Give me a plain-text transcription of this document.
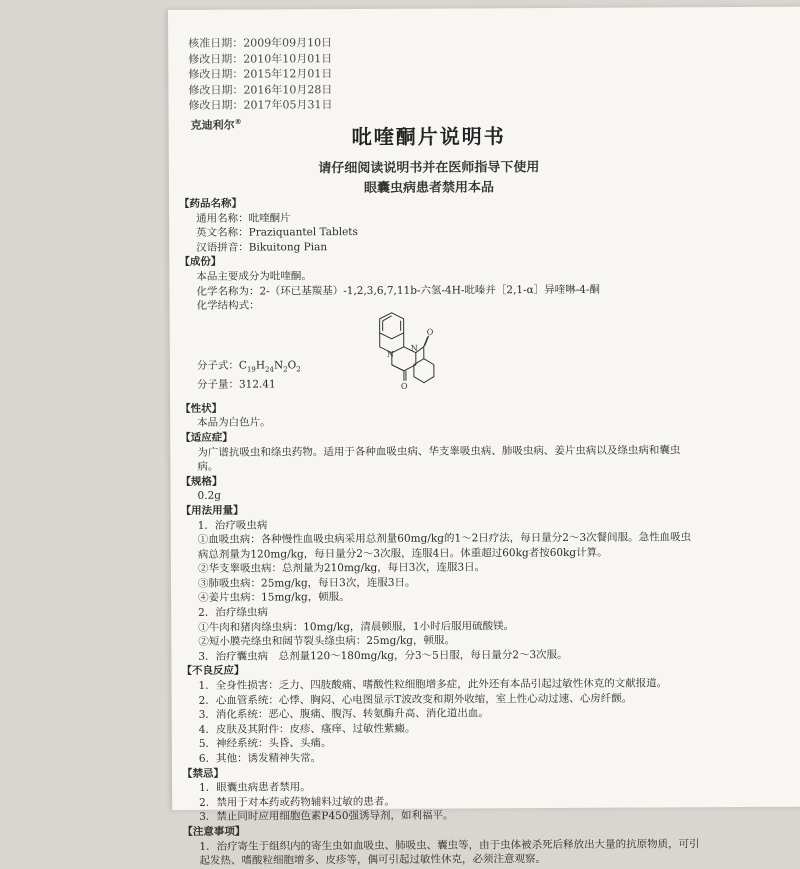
核准日期：2009年09月10日
修改日期：2010年10月01日
修改日期：2015年12月01日
修改日期：2016年10月28日
修改日期：2017年05月31日
克迪利尔®
吡喹酮片说明书
请仔细阅读说明书并在医师指导下使用
眼囊虫病患者禁用本品
【药品名称】
通用名称：吡喹酮片
英文名称：Praziquantel Tablets
汉语拼音：Bikuitong Pian
【成份】
本品主要成分为吡喹酮。
化学名称为：2-（环已基羰基）-1,2,3,6,7,11b-六氢-4H-吡嗪并［2,1-α］异喹啉-4-酮
化学结构式：
分子式：$C_{19}H_{24}N_2O_2$
分子量：312.41
N
N
O
O
【性状】
本品为白色片。
【适应症】
为广谱抗吸虫和绦虫药物。适用于各种血吸虫病、华支睾吸虫病、肺吸虫病、姜片虫病以及绦虫病和囊虫病。
【规格】
0.2g
【用法用量】
1．治疗吸虫病
①血吸虫病：各种慢性血吸虫病采用总剂量60mg/kg的1～2日疗法，每日量分2～3次餐间服。急性血吸虫病总剂量为120mg/kg，每日量分2～3次服，连服4日。体重超过60kg者按60kg计算。
②华支睾吸虫病：总剂量为210mg/kg，每日3次，连服3日。
③肺吸虫病：25mg/kg，每日3次，连服3日。
④姜片虫病：15mg/kg，顿服。
2．治疗绦虫病
①牛肉和猪肉绦虫病：10mg/kg，清晨顿服，1小时后服用硫酸镁。
②短小膜壳绦虫和阔节裂头绦虫病：25mg/kg，顿服。
3．治疗囊虫病　总剂量120～180mg/kg，分3～5日服，每日量分2～3次服。
【不良反应】
1．全身性损害：乏力、四肢酸痛、嗜酸性粒细胞增多症，此外还有本品引起过敏性休克的文献报道。
2．心血管系统：心悸、胸闷、心电图显示T波改变和期外收缩，室上性心动过速、心房纤颤。
3．消化系统：恶心、腹痛、腹泻、转氨酶升高、消化道出血。
4．皮肤及其附件：皮疹、瘙痒、过敏性紫癜。
5．神经系统：头昏、头痛。
6．其他：诱发精神失常。
【禁忌】
1．眼囊虫病患者禁用。
2．禁用于对本药或药物辅料过敏的患者。
3．禁止同时应用细胞色素P450强诱导剂，如利福平。
【注意事项】
1．治疗寄生于组织内的寄生虫如血吸虫、肺吸虫、囊虫等，由于虫体被杀死后释放出大量的抗原物质，可引起发热、嗜酸粒细胞增多、皮疹等，偶可引起过敏性休克，必须注意观察。
